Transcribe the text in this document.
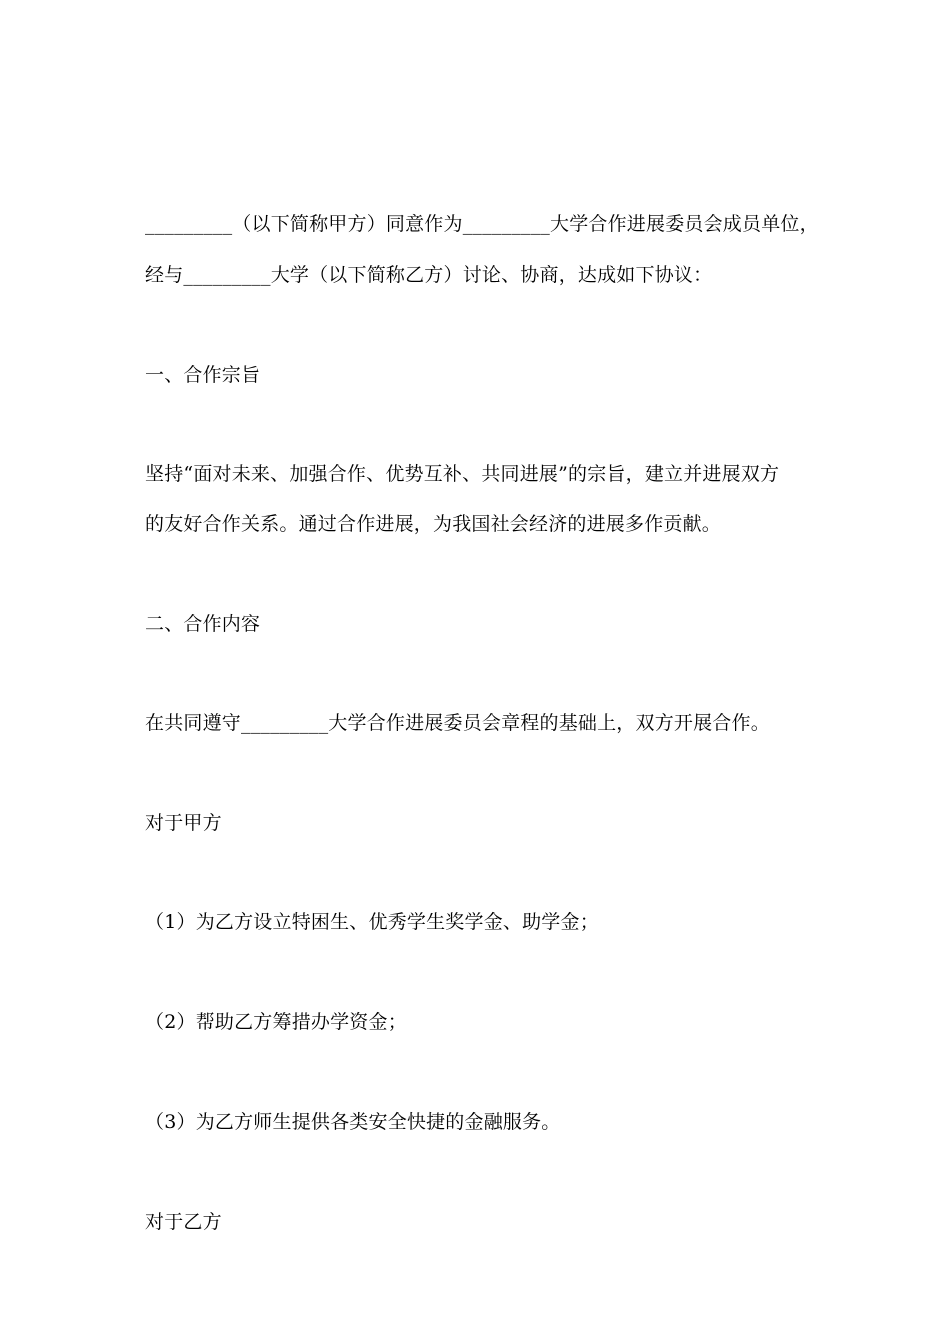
_________（以下简称甲方）同意作为_________大学合作进展委员会成员单位，
经与_________大学（以下简称乙方）讨论、协商，达成如下协议：
一、合作宗旨
坚持“面对未来、加强合作、优势互补、共同进展”的宗旨，建立并进展双方
的友好合作关系。通过合作进展，为我国社会经济的进展多作贡献。
二、合作内容
在共同遵守_________大学合作进展委员会章程的基础上，双方开展合作。
对于甲方
（1）为乙方设立特困生、优秀学生奖学金、助学金；
（2）帮助乙方筹措办学资金；
（3）为乙方师生提供各类安全快捷的金融服务。
对于乙方
